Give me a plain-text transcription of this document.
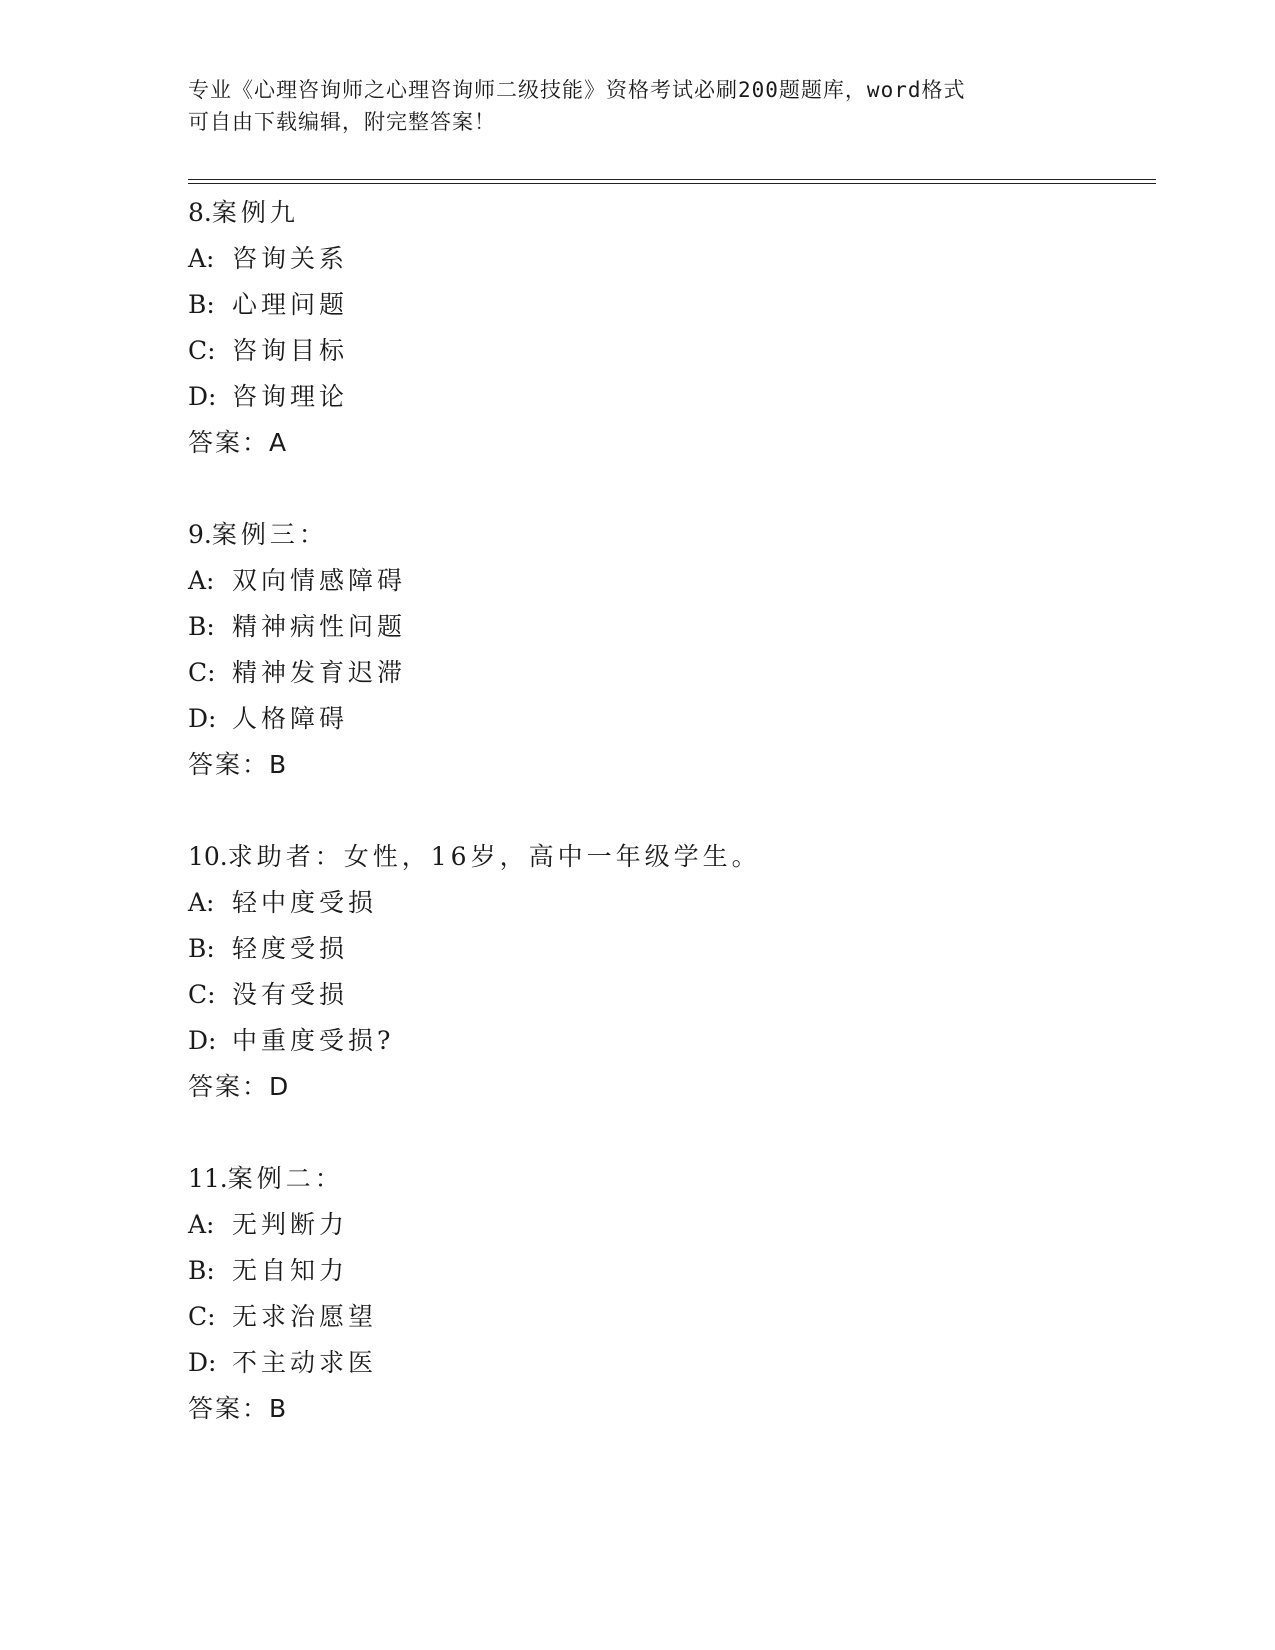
专业《心理咨询师之心理咨询师二级技能》资格考试必刷200题题库，word格式
可自由下载编辑，附完整答案！
8.案例九
A: 咨询关系
B: 心理问题
C: 咨询目标
D: 咨询理论
答案：A
9.案例三：
A: 双向情感障碍
B: 精神病性问题
C: 精神发育迟滞
D: 人格障碍
答案：B
10.求助者：女性，16岁，高中一年级学生。
A: 轻中度受损
B: 轻度受损
C: 没有受损
D: 中重度受损?
答案：D
11.案例二：
A: 无判断力
B: 无自知力
C: 无求治愿望
D: 不主动求医
答案：B
